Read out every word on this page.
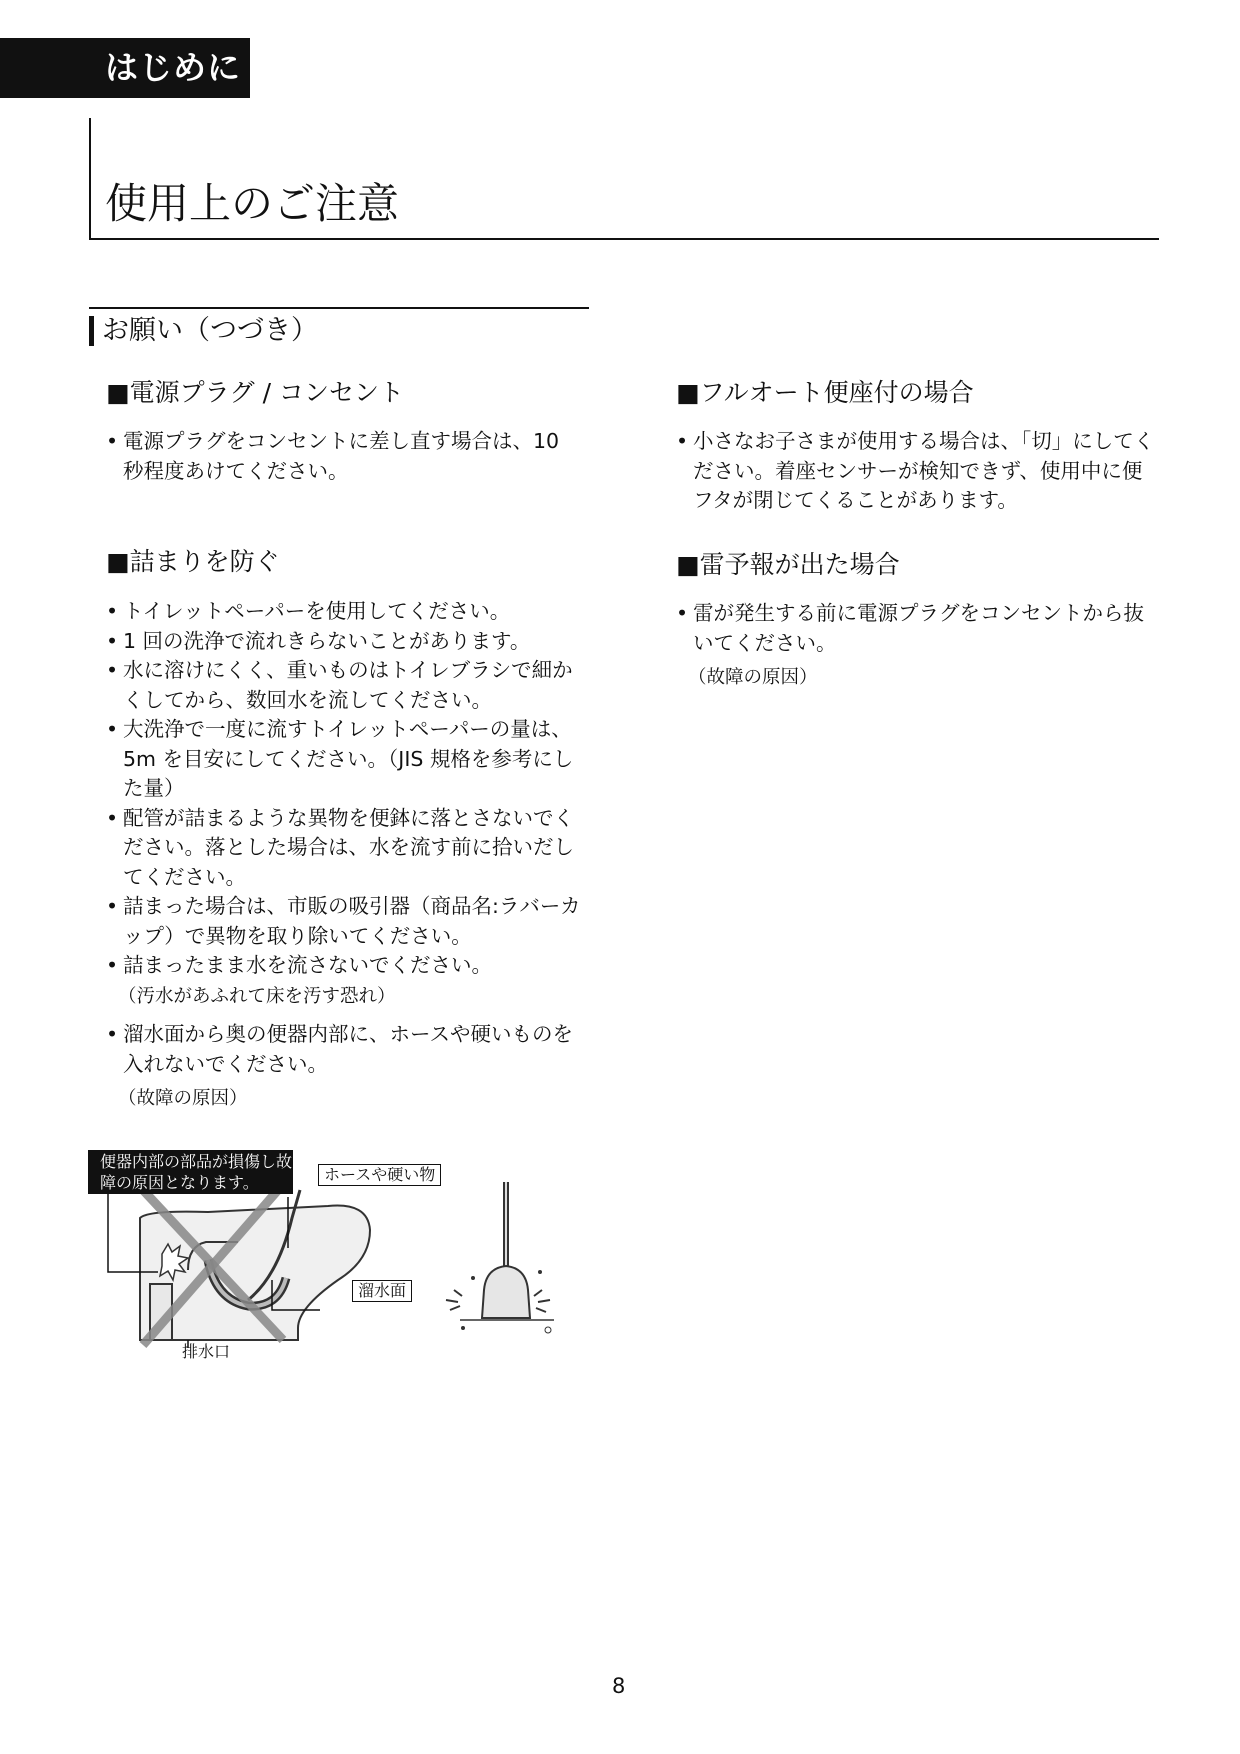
はじめに
使用上のご注意
お願い（つづき）
■電源プラグ / コンセント
• 電源プラグをコンセントに差し直す場合は、10 秒程度あけてください。
■詰まりを防ぐ
• トイレットペーパーを使用してください。
• 1 回の洗浄で流れきらないことがあります。
• 水に溶けにくく、重いものはトイレブラシで細かくしてから、数回水を流してください。
• 大洗浄で一度に流すトイレットペーパーの量は、5m を目安にしてください。（JIS 規格を参考にした量）
• 配管が詰まるような異物を便鉢に落とさないでください。落とした場合は、水を流す前に拾いだしてください。
• 詰まった場合は、市販の吸引器（商品名:ラバーカップ）で異物を取り除いてください。
• 詰まったまま水を流さないでください。
（汚水があふれて床を汚す恐れ）
• 溜水面から奥の便器内部に、ホースや硬いものを入れないでください。
（故障の原因）
■フルオート便座付の場合
• 小さなお子さまが使用する場合は、「切」にしてください。着座センサーが検知できず、使用中に便フタが閉じてくることがあります。
■雷予報が出た場合
• 雷が発生する前に電源プラグをコンセントから抜いてください。
（故障の原因）
便器内部の部品が損傷し故障の原因となります。	ホースや硬い物
溜水面
排水口
8
